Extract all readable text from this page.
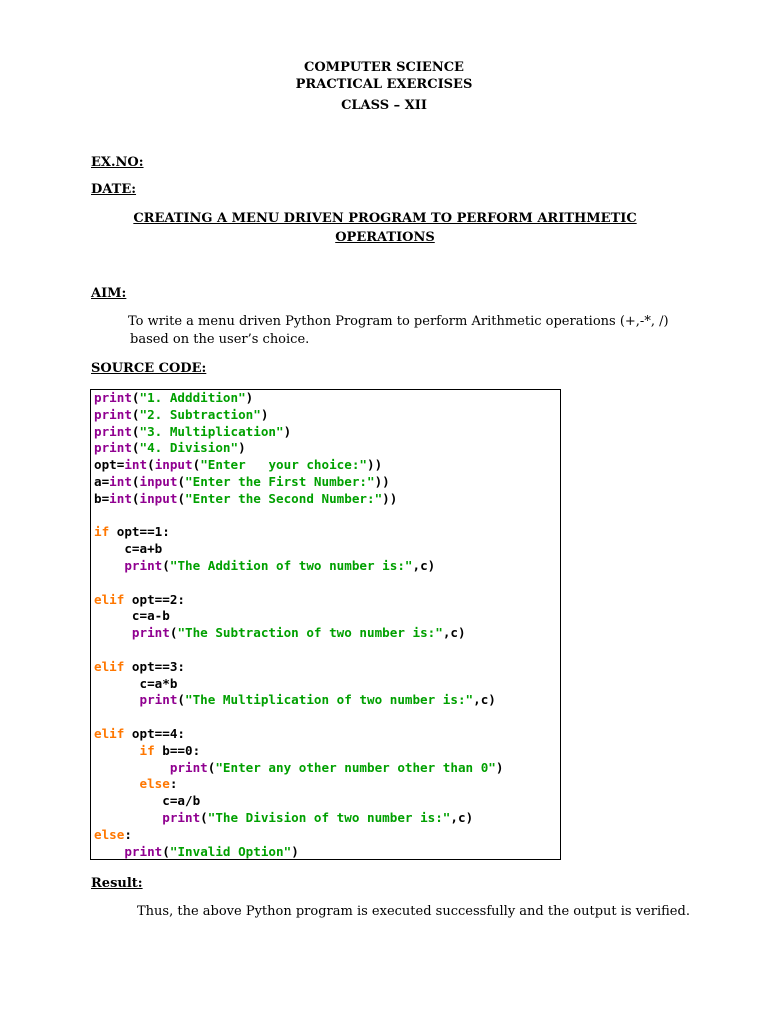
COMPUTER SCIENCE
PRACTICAL EXERCISES
CLASS – XII
EX.NO:
DATE:
CREATING A MENU DRIVEN PROGRAM TO PERFORM ARITHMETIC
OPERATIONS
AIM:
To write a menu driven Python Program to perform Arithmetic operations (+,-*, /)
based on the user’s choice.
SOURCE CODE:
print("1. Adddition")
print("2. Subtraction")
print("3. Multiplication")
print("4. Division")
opt=int(input("Enter   your choice:"))
a=int(input("Enter the First Number:"))
b=int(input("Enter the Second Number:"))

if opt==1:
c=a+b
print("The Addition of two number is:",c)

elif opt==2:
c=a-b
print("The Subtraction of two number is:",c)

elif opt==3:
c=a*b
print("The Multiplication of two number is:",c)

elif opt==4:
if b==0:
print("Enter any other number other than 0")
else:
c=a/b
print("The Division of two number is:",c)
else:
print("Invalid Option")
Result:
Thus, the above Python program is executed successfully and the output is verified.
